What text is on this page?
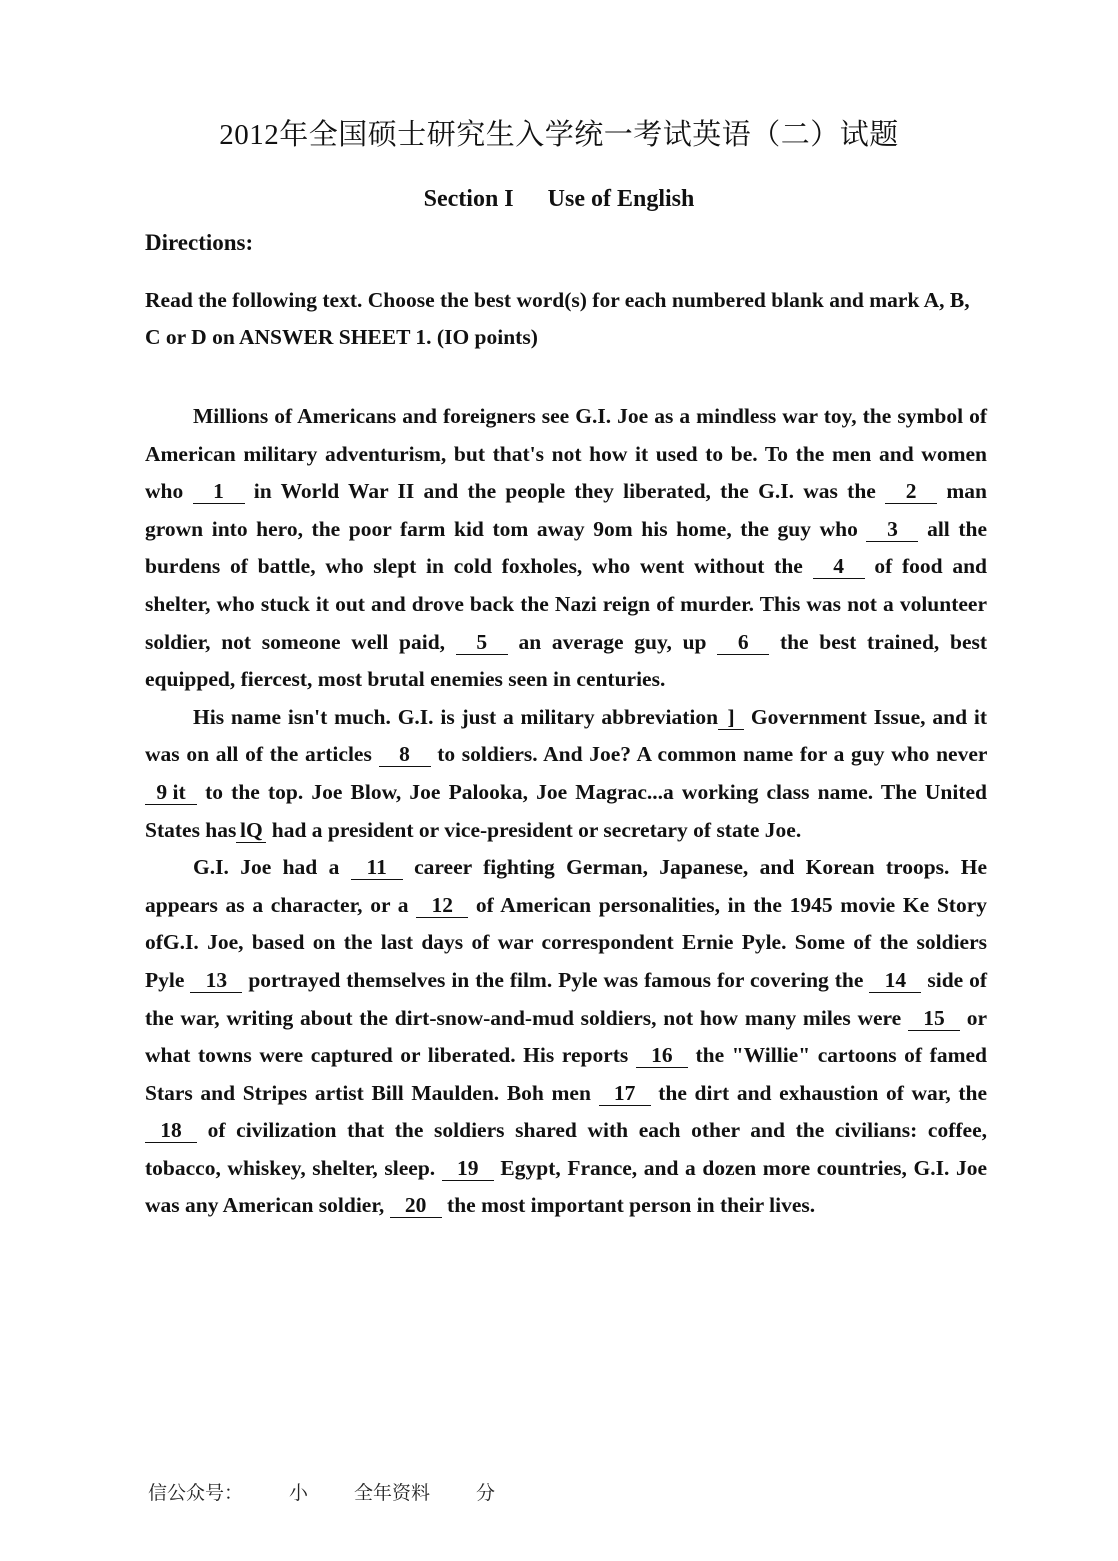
2012年全国硕士研究生入学统一考试英语（二）试题
Section I Use of English
Directions:
Read the following text. Choose the best word(s) for each numbered blank and mark A, B, C or D on ANSWER SHEET 1. (IO points)

Millions of Americans and foreigners see G.I. Joe as a mindless war toy, the symbol of American military adventurism, but that's not how it used to be. To the men and women who 1 in World War II and the people they liberated, the G.I. was the 2 man grown into hero, the poor farm kid tom away 9om his home, the guy who 3 all the burdens of battle, who slept in cold foxholes, who went without the 4 of food and shelter, who stuck it out and drove back the Nazi reign of murder. This was not a volunteer soldier, not someone well paid, 5 an average guy, up 6 the best trained, best equipped, fiercest, most brutal enemies seen in centuries.

His name isn't much. G.I. is just a military abbreviation ] Government Issue, and it was on all of the articles 8 to soldiers. And Joe? A common name for a guy who never 9 it to the top. Joe Blow, Joe Palooka, Joe Magrac...a working class name. The United States has lQ had a president or vice-president or secretary of state Joe.

G.I. Joe had a 11 career fighting German, Japanese, and Korean troops. He appears as a character, or a 12 of American personalities, in the 1945 movie Ke Story ofG.I. Joe, based on the last days of war correspondent Ernie Pyle. Some of the soldiers Pyle 13 portrayed themselves in the film. Pyle was famous for covering the 14 side of the war, writing about the dirt-snow-and-mud soldiers, not how many miles were 15 or what towns were captured or liberated. His reports 16 the "Willie" cartoons of famed Stars and Stripes artist Bill Maulden. Boh men 17 the dirt and exhaustion of war, the 18 of civilization that the soldiers shared with each other and the civilians: coffee, tobacco, whiskey, shelter, sleep. 19 Egypt, France, and a dozen more countries, G.I. Joe was any American soldier, 20 the most important person in their lives.

信公众号： 小 全年资料 分
